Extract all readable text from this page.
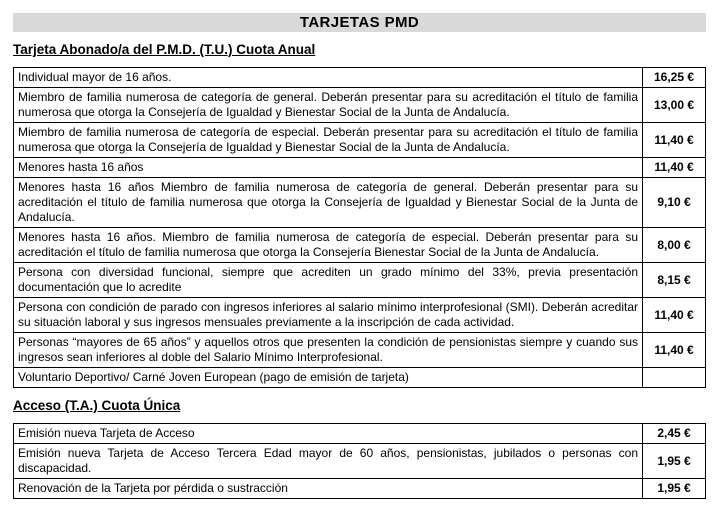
TARJETAS PMD
Tarjeta Abonado/a del P.M.D. (T.U.) Cuota Anual
Individual mayor de 16 años.	16,25 €
Miembro de familia numerosa de categoría de general. Deberán presentar para su acreditación el título de familia numerosa que otorga la Consejería de Igualdad y Bienestar Social de la Junta de Andalucía.	13,00 €
Miembro de familia numerosa de categoría de especial. Deberán presentar para su acreditación el título de familia numerosa que otorga la Consejería de Igualdad y Bienestar Social de la Junta de Andalucía.	11,40 €
Menores hasta 16 años	11,40 €
Menores hasta 16 años Miembro de familia numerosa de categoría de general. Deberán presentar para su acreditación el título de familia numerosa que otorga la Consejería de Igualdad y Bienestar Social de la Junta de Andalucía.	9,10 €
Menores hasta 16 años. Miembro de familia numerosa de categoría de especial. Deberán presentar para su acreditación el título de familia numerosa que otorga la Consejería Bienestar Social de la Junta de Andalucía.	8,00 €
Persona con diversidad funcional, siempre que acrediten un grado mínimo del 33%, previa presentación documentación que lo acredite	8,15 €
Persona con condición de parado con ingresos inferiores al salario mínimo interprofesional (SMI). Deberán acreditar su situación laboral y sus ingresos mensuales previamente a la inscripción de cada actividad.	11,40 €
Personas “mayores de 65 años” y aquellos otros que presenten la condición de pensionistas siempre y cuando sus ingresos sean inferiores al doble del Salario Mínimo Interprofesional.	11,40 €
Voluntario Deportivo/ Carné Joven European (pago de emisión de tarjeta)	
Acceso (T.A.) Cuota Única
Emisión nueva Tarjeta de Acceso	2,45 €
Emisión nueva Tarjeta de Acceso Tercera Edad mayor de 60 años, pensionistas, jubilados o personas con discapacidad.	1,95 €
Renovación de la Tarjeta por pérdida o sustracción	1,95 €
